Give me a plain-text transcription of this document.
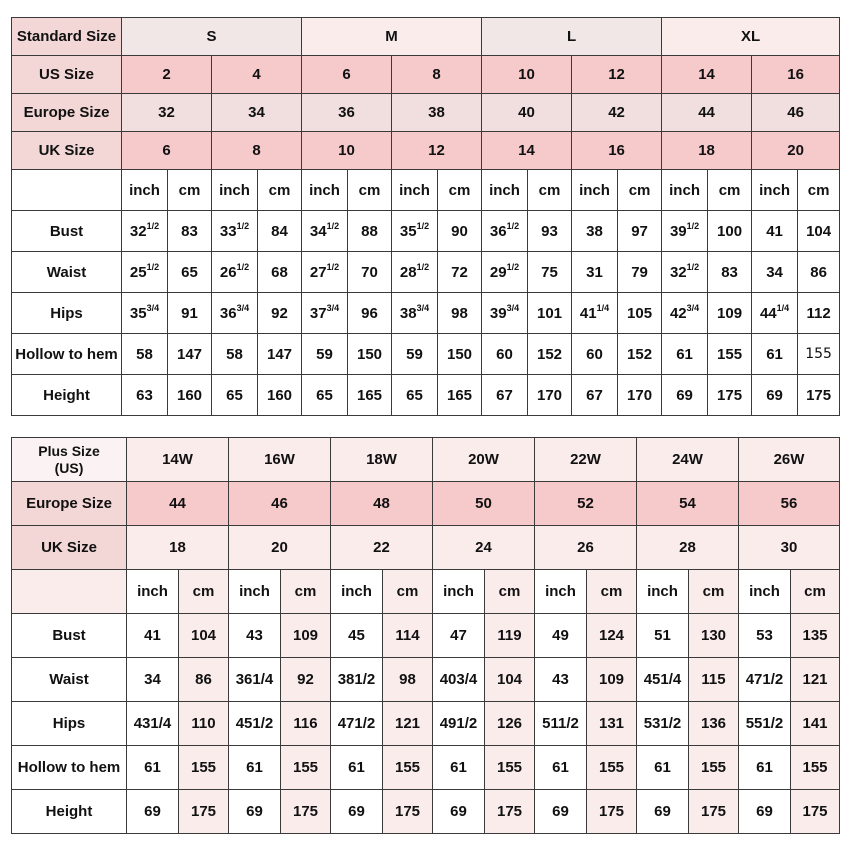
Standard Size	S				M				L				XL			
US Size	2		4		6		8		10		12		14		16	
Europe Size	32		34		36		38		40		42		44		46	
UK Size	6		8		10		12		14		16		18		20	
	inch	cm	inch	cm	inch	cm	inch	cm	inch	cm	inch	cm	inch	cm	inch	cm
Bust	$32^{1/2}$	83	$33^{1/2}$	84	$34^{1/2}$	88	$35^{1/2}$	90	$36^{1/2}$	93	38	97	$39^{1/2}$	100	41	104
Waist	$25^{1/2}$	65	$26^{1/2}$	68	$27^{1/2}$	70	$28^{1/2}$	72	$29^{1/2}$	75	31	79	$32^{1/2}$	83	34	86
Hips	$35^{3/4}$	91	$36^{3/4}$	92	$37^{3/4}$	96	$38^{3/4}$	98	$39^{3/4}$	101	$41^{1/4}$	105	$42^{3/4}$	109	$44^{1/4}$	112
Hollow to hem	58	147	58	147	59	150	59	150	60	152	60	152	61	155	61	155
Height	63	160	65	160	65	165	65	165	67	170	67	170	69	175	69	175
Plus Size
(US)	14W		16W		18W		20W		22W		24W		26W	
Europe Size	44		46		48		50		52		54		56	
UK Size	18		20		22		24		26		28		30	
	inch	cm	inch	cm	inch	cm	inch	cm	inch	cm	inch	cm	inch	cm
Bust	41	104	43	109	45	114	47	119	49	124	51	130	53	135
Waist	34	86	361/4	92	381/2	98	403/4	104	43	109	451/4	115	471/2	121
Hips	431/4	110	451/2	116	471/2	121	491/2	126	511/2	131	531/2	136	551/2	141
Hollow to hem	61	155	61	155	61	155	61	155	61	155	61	155	61	155
Height	69	175	69	175	69	175	69	175	69	175	69	175	69	175
